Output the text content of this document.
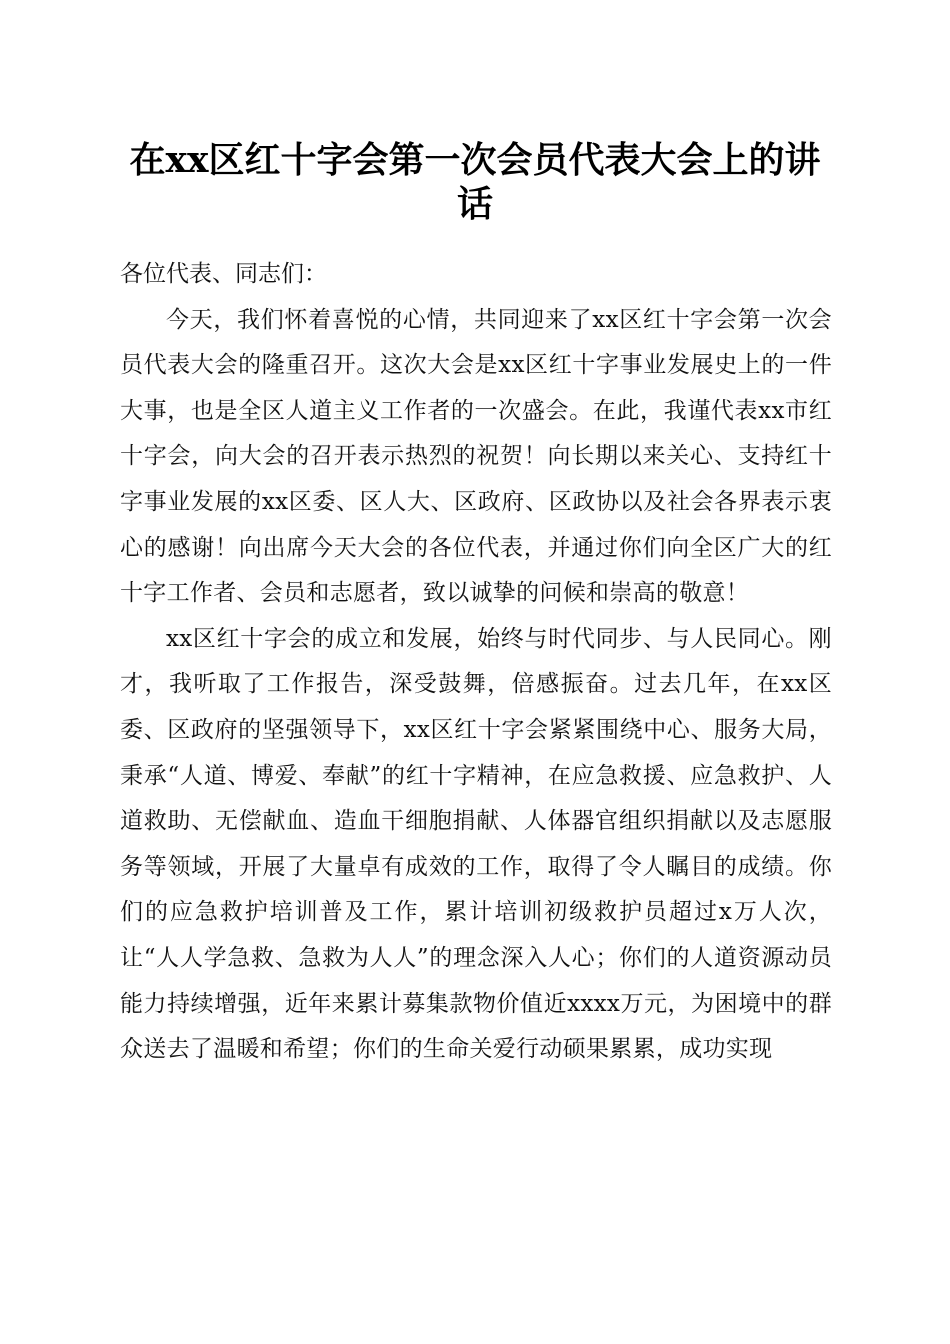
在xx区红十字会第一次会员代表大会上的讲话

各位代表、同志们：

今天，我们怀着喜悦的心情，共同迎来了xx区红十字会第一次会员代表大会的隆重召开。这次大会是xx区红十字事业发展史上的一件大事，也是全区人道主义工作者的一次盛会。在此，我谨代表xx市红十字会，向大会的召开表示热烈的祝贺！向长期以来关心、支持红十字事业发展的xx区委、区人大、区政府、区政协以及社会各界表示衷心的感谢！向出席今天大会的各位代表，并通过你们向全区广大的红十字工作者、会员和志愿者，致以诚挚的问候和崇高的敬意！

xx区红十字会的成立和发展，始终与时代同步、与人民同心。刚才，我听取了工作报告，深受鼓舞，倍感振奋。过去几年，在xx区委、区政府的坚强领导下，xx区红十字会紧紧围绕中心、服务大局，秉承“人道、博爱、奉献”的红十字精神，在应急救援、应急救护、人道救助、无偿献血、造血干细胞捐献、人体器官组织捐献以及志愿服务等领域，开展了大量卓有成效的工作，取得了令人瞩目的成绩。你们的应急救护培训普及工作，累计培训初级救护员超过x万人次，让“人人学急救、急救为人人”的理念深入人心；你们的人道资源动员能力持续增强，近年来累计募集款物价值近xxxx万元，为困境中的群众送去了温暖和希望；你们的生命关爱行动硕果累累，成功实现
